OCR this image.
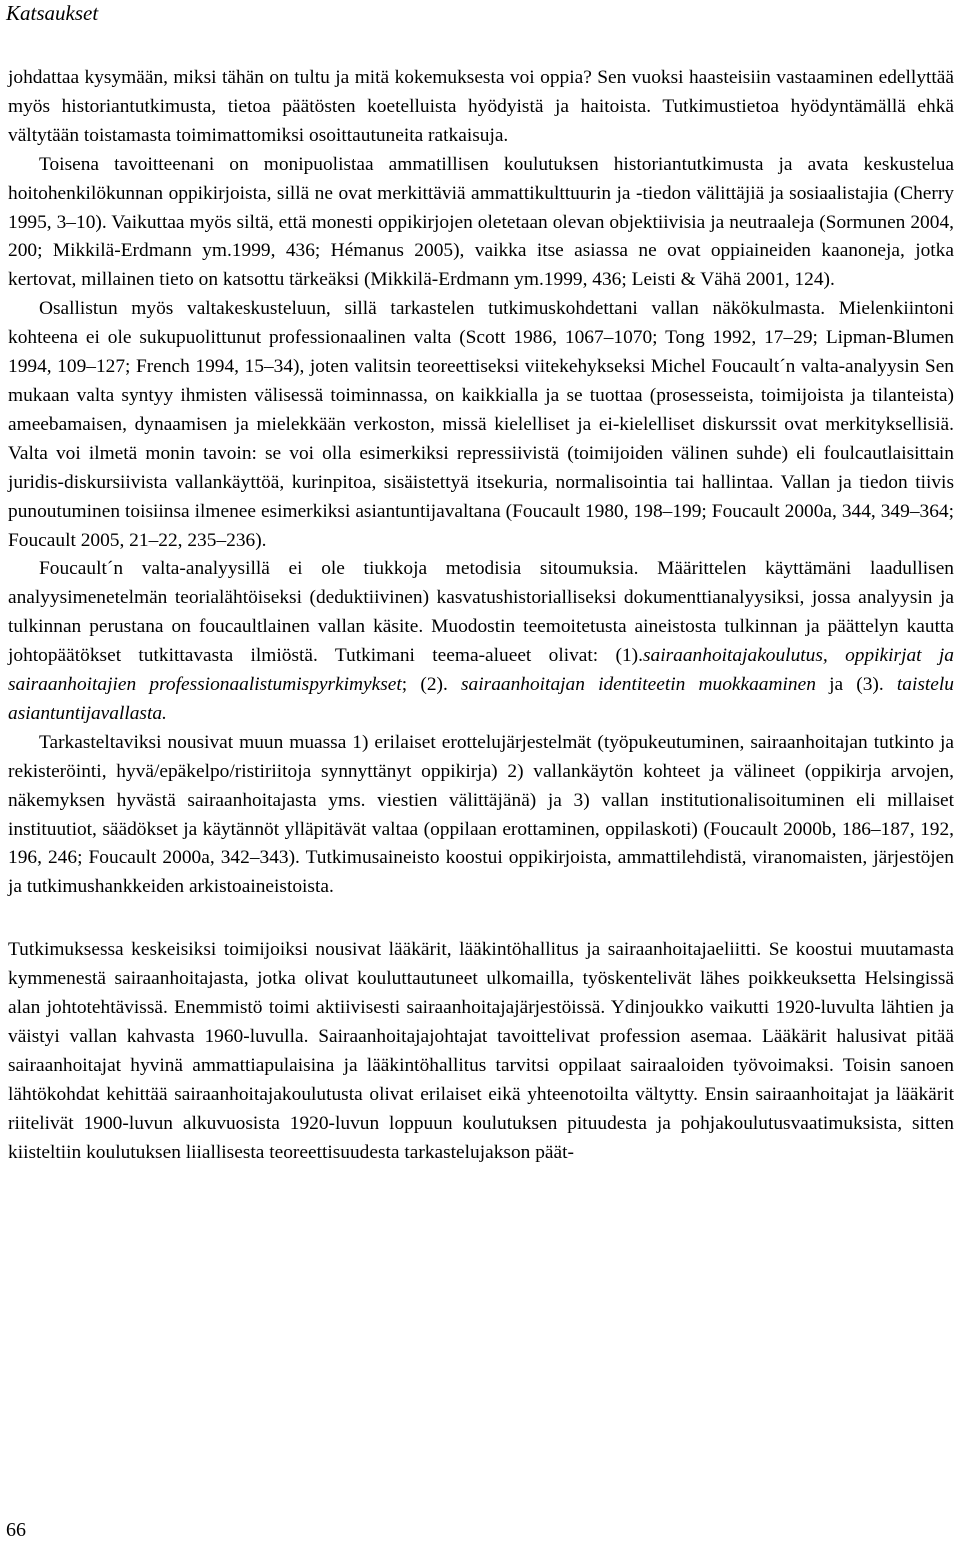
Katsaukset

johdattaa kysymään, miksi tähän on tultu ja mitä kokemuksesta voi oppia? Sen vuoksi haasteisiin vastaaminen edellyttää myös historiantutkimusta, tietoa päätösten koetelluista hyödyistä ja haitoista. Tutkimustietoa hyödyntämällä ehkä vältytään toistamasta toimimattomiksi osoittautuneita ratkaisuja.

Toisena tavoitteenani on monipuolistaa ammatillisen koulutuksen historiantutkimusta ja avata keskustelua hoitohenkilökunnan oppikirjoista, sillä ne ovat merkittäviä ammattikulttuurin ja -tiedon välittäjiä ja sosiaalistajia (Cherry 1995, 3–10). Vaikuttaa myös siltä, että monesti oppikirjojen oletetaan olevan objektiivisia ja neutraaleja (Sormunen 2004, 200; Mikkilä-Erdmann ym.1999, 436; Hémanus 2005), vaikka itse asiassa ne ovat oppiaineiden kaanoneja, jotka kertovat, millainen tieto on katsottu tärkeäksi (Mikkilä-Erdmann ym.1999, 436; Leisti & Vähä 2001, 124).

Osallistun myös valtakeskusteluun, sillä tarkastelen tutkimuskohdettani vallan näkökulmasta. Mielenkiintoni kohteena ei ole sukupuolittunut professionaalinen valta (Scott 1986, 1067–1070; Tong 1992, 17–29; Lipman-Blumen 1994, 109–127; French 1994, 15–34), joten valitsin teoreettiseksi viitekehykseksi Michel Foucault´n valta-analyysin Sen mukaan valta syntyy ihmisten välisessä toiminnassa, on kaikkialla ja se tuottaa (prosesseista, toimijoista ja tilanteista) ameebamaisen, dynaamisen ja mielekkään verkoston, missä kielelliset ja ei-kielelliset diskurssit ovat merkityksellisiä. Valta voi ilmetä monin tavoin: se voi olla esimerkiksi repressiivistä (toimijoiden välinen suhde) eli foulcautlaisittain juridis-diskursiivista vallankäyttöä, kurinpitoa, sisäistettyä itsekuria, normalisointia tai hallintaa. Vallan ja tiedon tiivis punoutuminen toisiinsa ilmenee esimerkiksi asiantuntijavaltana (Foucault 1980, 198–199; Foucault 2000a, 344, 349–364; Foucault 2005, 21–22, 235–236).

Foucault´n valta-analyysillä ei ole tiukkoja metodisia sitoumuksia. Määrittelen käyttämäni laadullisen analyysimenetelmän teorialähtöiseksi (deduktiivinen) kasvatushistorialliseksi dokumenttianalyysiksi, jossa analyysin ja tulkinnan perustana on foucaultlainen vallan käsite. Muodostin teemoitetusta aineistosta tulkinnan ja päättelyn kautta johtopäätökset tutkittavasta ilmiöstä. Tutkimani teema-alueet olivat: (1).sairaanhoitajakoulutus, oppikirjat ja sairaanhoitajien professionaalistumispyrkimykset; (2). sairaanhoitajan identiteetin muokkaaminen ja (3). taistelu asiantuntijavallasta.

Tarkasteltaviksi nousivat muun muassa 1) erilaiset erottelujärjestelmät (työpukeutuminen, sairaanhoitajan tutkinto ja rekisteröinti, hyvä/epäkelpo/ristiriitoja synnyttänyt oppikirja) 2) vallankäytön kohteet ja välineet (oppikirja arvojen, näkemyksen hyvästä sairaanhoitajasta yms. viestien välittäjänä) ja 3) vallan institutionalisoituminen eli millaiset instituutiot, säädökset ja käytännöt ylläpitävät valtaa (oppilaan erottaminen, oppilaskoti) (Foucault 2000b, 186–187, 192, 196, 246; Foucault 2000a, 342–343). Tutkimusaineisto koostui oppikirjoista, ammattilehdistä, viranomaisten, järjestöjen ja tutkimushankkeiden arkistoaineistoista.

Tutkimuksessa keskeisiksi toimijoiksi nousivat lääkärit, lääkintöhallitus ja sairaanhoitajaeliitti. Se koostui muutamasta kymmenestä sairaanhoitajasta, jotka olivat kouluttautuneet ulkomailla, työskentelivät lähes poikkeuksetta Helsingissä alan johtotehtävissä. Enemmistö toimi aktiivisesti sairaanhoitajajärjestöissä. Ydinjoukko vaikutti 1920-luvulta lähtien ja väistyi vallan kahvasta 1960-luvulla. Sairaanhoitajajohtajat tavoittelivat profession asemaa. Lääkärit halusivat pitää sairaanhoitajat hyvinä ammattiapulaisina ja lääkintöhallitus tarvitsi oppilaat sairaaloiden työvoimaksi. Toisin sanoen lähtökohdat kehittää sairaanhoitajakoulutusta olivat erilaiset eikä yhteenotoilta vältytty. Ensin sairaanhoitajat ja lääkärit riitelivät 1900-luvun alkuvuosista 1920-luvun loppuun koulutuksen pituudesta ja pohjakoulutusvaatimuksista, sitten kiisteltiin koulutuksen liiallisesta teoreettisuudesta tarkastelujakson päät-

66
